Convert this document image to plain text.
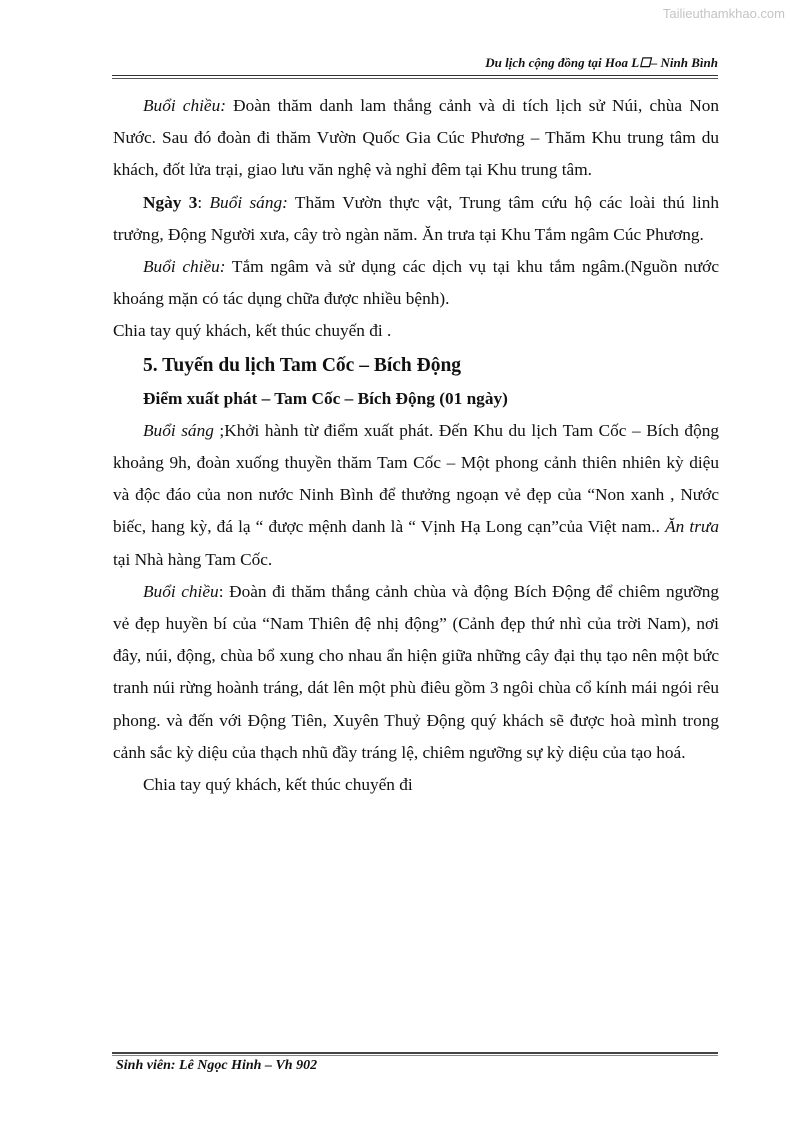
Tailieuthamkhao.com
Du lịch cộng đồng tại Hoa L☐– Ninh Bình

Buổi chiều: Đoàn thăm danh lam thắng cảnh và di tích lịch sử Núi, chùa Non Nước. Sau đó đoàn đi thăm Vườn Quốc Gia Cúc Phương – Thăm Khu trung tâm du khách, đốt lửa trại, giao lưu văn nghệ và nghỉ đêm tại Khu trung tâm.

Ngày 3: Buổi sáng: Thăm Vườn thực vật, Trung tâm cứu hộ các loài thú linh trưởng, Động Người xưa, cây trò ngàn năm. Ăn trưa tại Khu Tắm ngâm Cúc Phương.

Buổi chiều: Tắm ngâm và sử dụng các dịch vụ tại khu tắm ngâm.(Nguồn nước khoáng mặn có tác dụng chữa được nhiều bệnh).

Chia tay quý khách, kết thúc chuyến đi .

5. Tuyến du lịch Tam Cốc – Bích Động

Điểm xuất phát – Tam Cốc – Bích Động (01 ngày)

Buổi sáng ;Khởi hành từ điểm xuất phát. Đến Khu du lịch Tam Cốc – Bích động khoảng 9h, đoàn xuống thuyền thăm Tam Cốc – Một phong cảnh thiên nhiên kỳ diệu và độc đáo của non nước Ninh Bình để thưởng ngoạn vẻ đẹp của “Non xanh , Nước biếc, hang kỳ, đá lạ “ được mệnh danh là “ Vịnh Hạ Long cạn”của Việt nam.. Ăn trưa tại Nhà hàng Tam Cốc.

Buổi chiều: Đoàn đi thăm thắng cảnh chùa và động Bích Động để chiêm ngưỡng vẻ đẹp huyền bí của “Nam Thiên đệ nhị động” (Cảnh đẹp thứ nhì của trời Nam), nơi đây, núi, động, chùa bổ xung cho nhau ẩn hiện giữa những cây đại thụ tạo nên một bức tranh núi rừng hoành tráng, dát lên một phù điêu gồm 3 ngôi chùa cổ kính mái ngói rêu phong. và đến với Động Tiên, Xuyên Thuỷ Động quý khách sẽ được hoà mình trong cảnh sắc kỳ diệu của thạch nhũ đầy tráng lệ, chiêm ngưỡng sự kỳ diệu của tạo hoá.

Chia tay quý khách, kết thúc chuyến đi

Sinh viên: Lê Ngọc Hinh – Vh 902
